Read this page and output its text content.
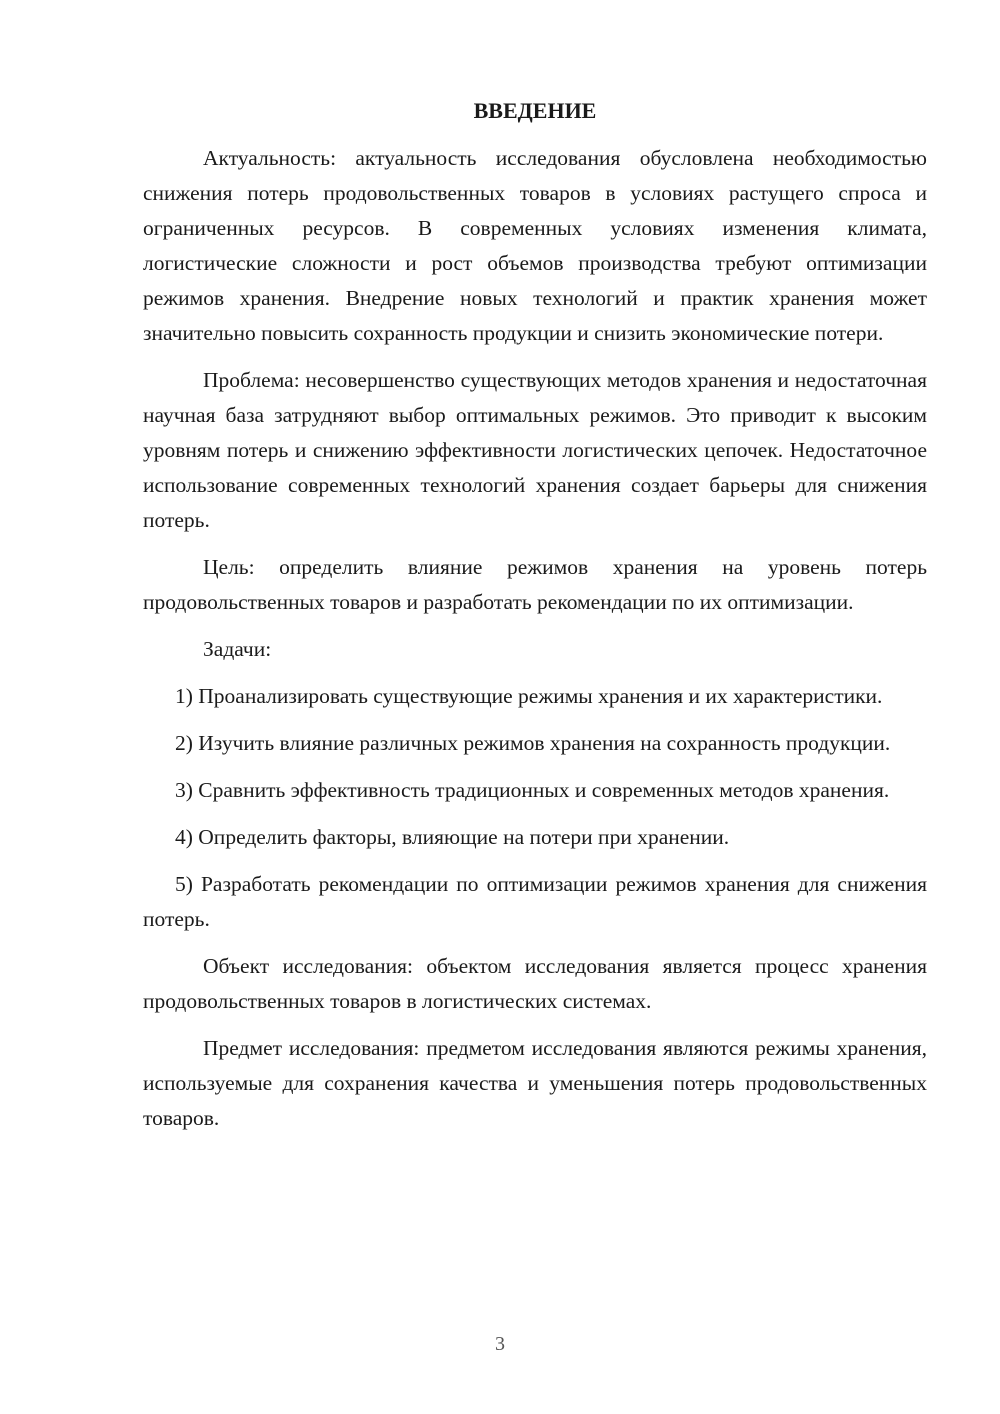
ВВЕДЕНИЕ

Актуальность: актуальность исследования обусловлена необходимостью снижения потерь продовольственных товаров в условиях растущего спроса и ограниченных ресурсов. В современных условиях изменения климата, логистические сложности и рост объемов производства требуют оптимизации режимов хранения. Внедрение новых технологий и практик хранения может значительно повысить сохранность продукции и снизить экономические потери.

Проблема: несовершенство существующих методов хранения и недостаточная научная база затрудняют выбор оптимальных режимов. Это приводит к высоким уровням потерь и снижению эффективности логистических цепочек. Недостаточное использование современных технологий хранения создает барьеры для снижения потерь.

Цель: определить влияние режимов хранения на уровень потерь продовольственных товаров и разработать рекомендации по их оптимизации.

Задачи:

1) Проанализировать существующие режимы хранения и их характеристики.

2) Изучить влияние различных режимов хранения на сохранность продукции.

3) Сравнить эффективность традиционных и современных методов хранения.

4) Определить факторы, влияющие на потери при хранении.

5) Разработать рекомендации по оптимизации режимов хранения для снижения потерь.

Объект исследования: объектом исследования является процесс хранения продовольственных товаров в логистических системах.

Предмет исследования: предметом исследования являются режимы хранения, используемые для сохранения качества и уменьшения потерь продовольственных товаров.

3
